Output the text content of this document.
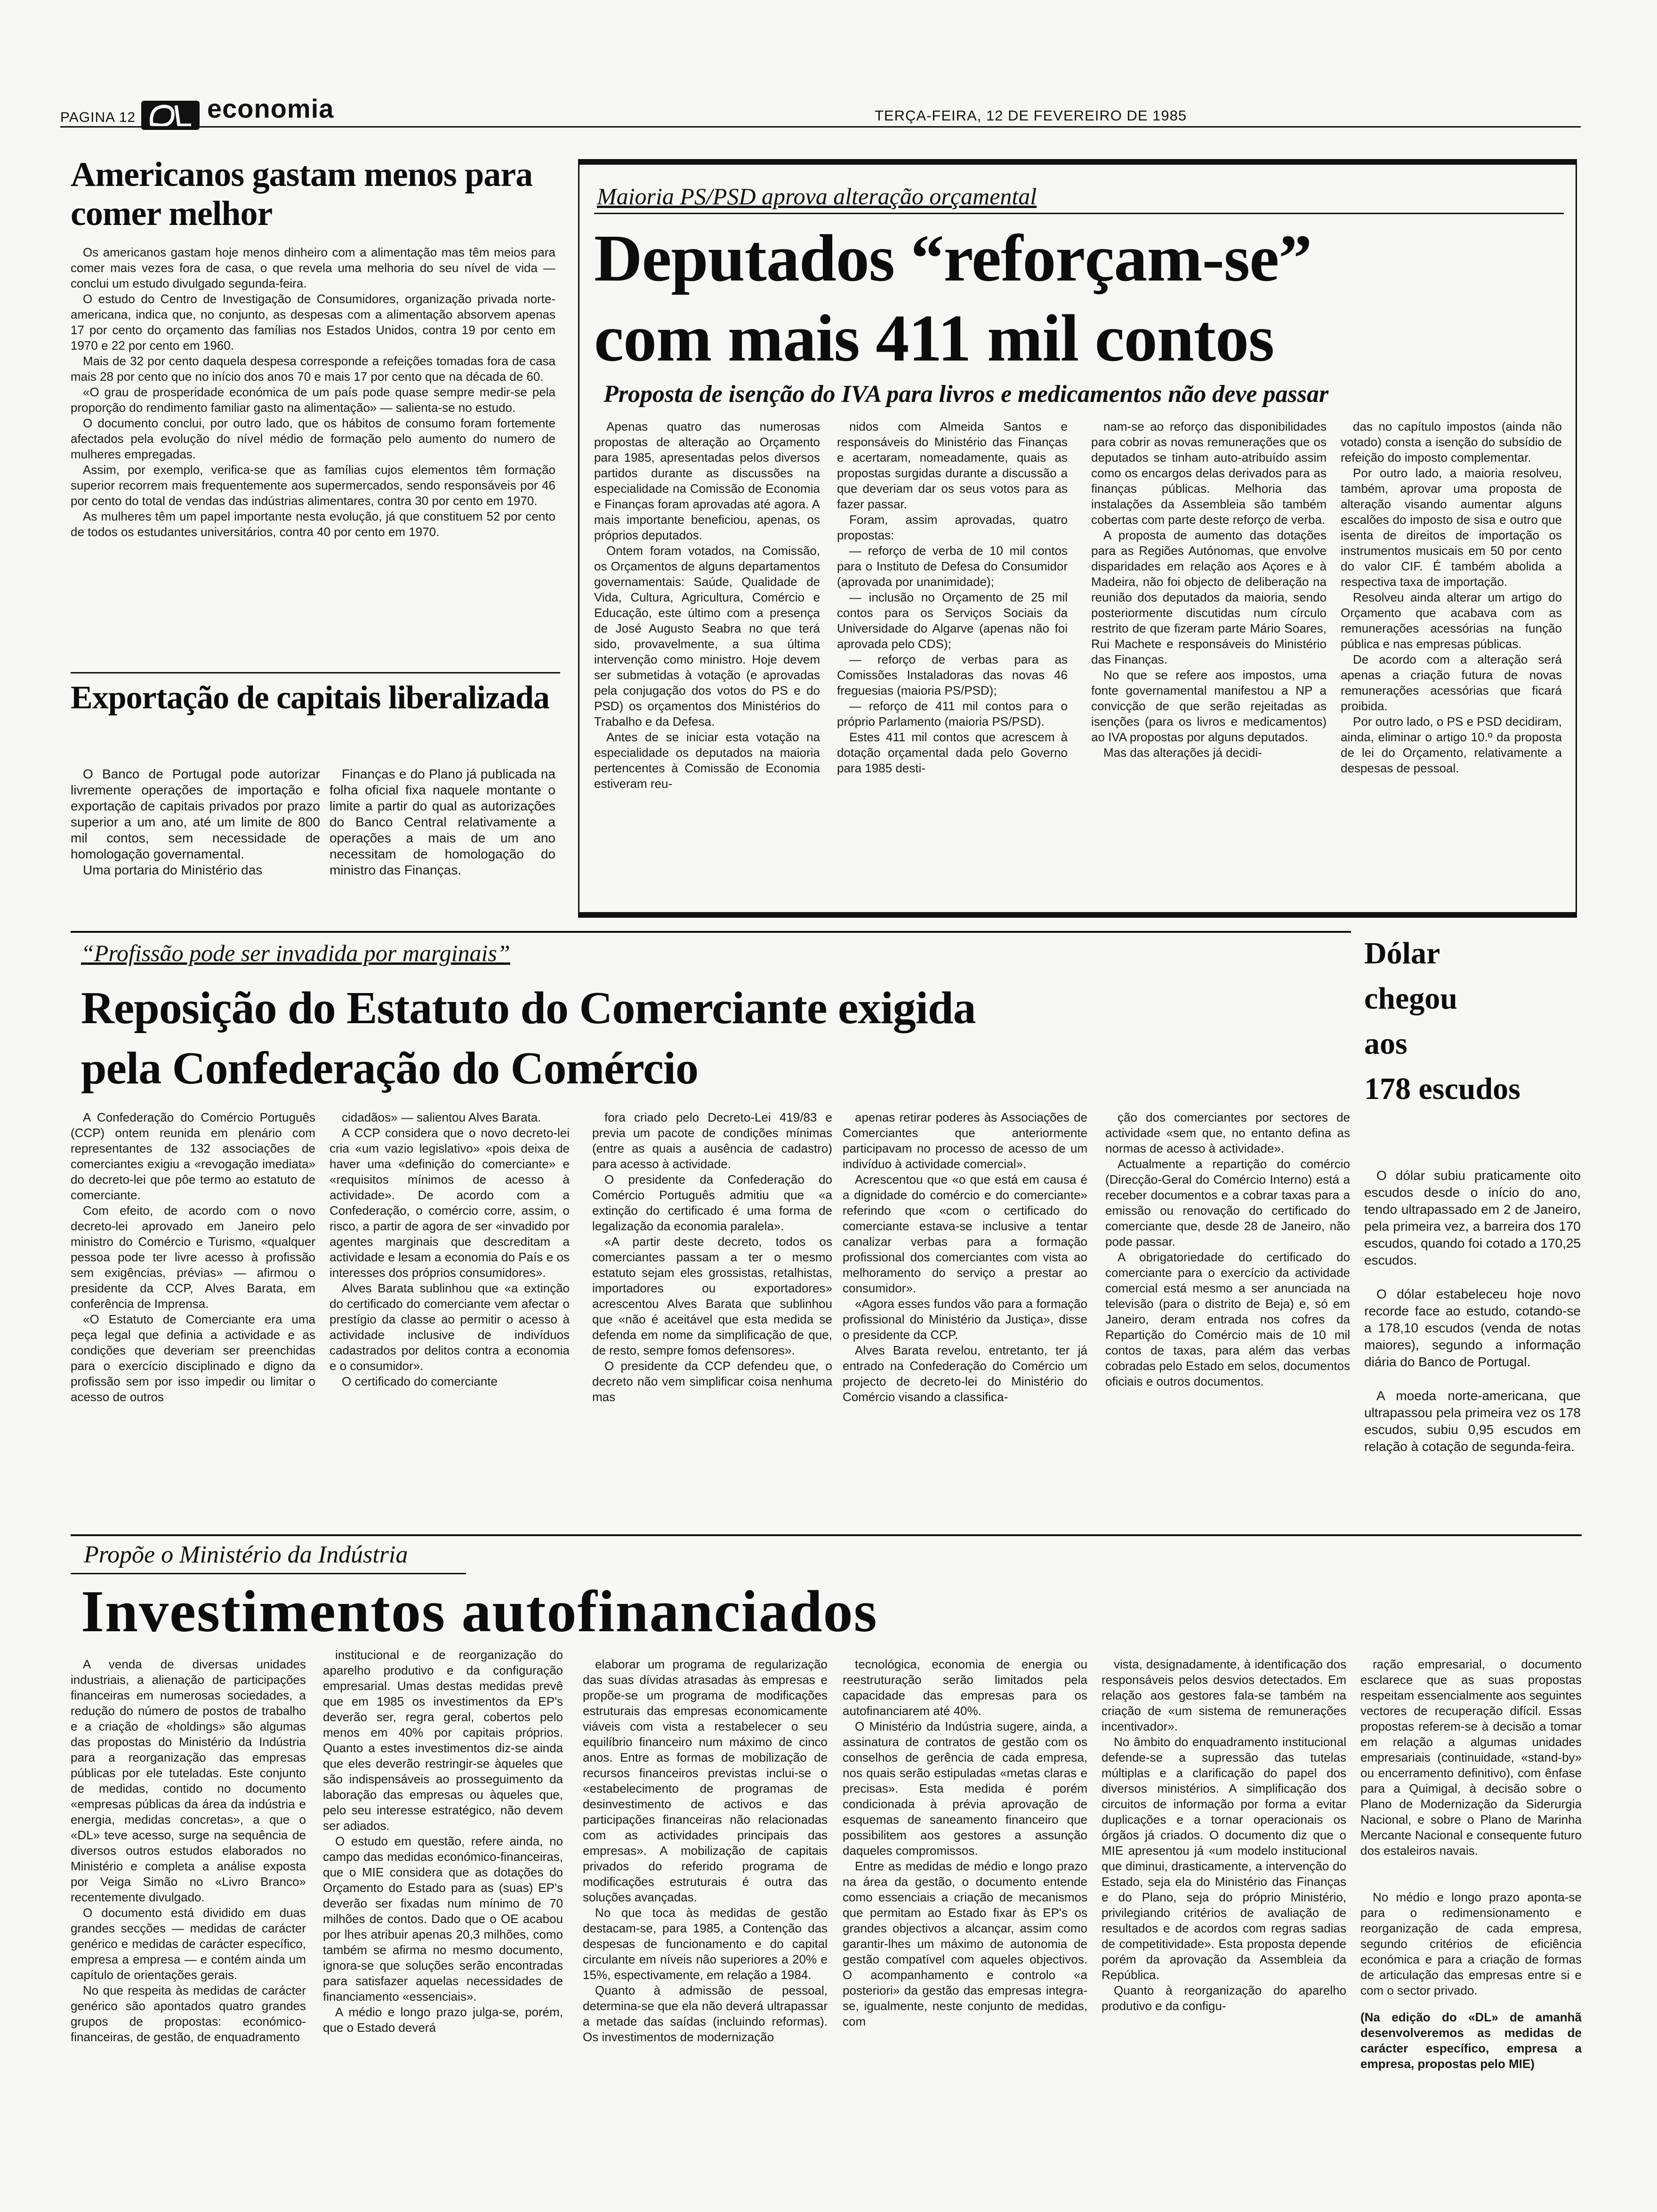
PAGINA 12	economia	TERÇA-FEIRA, 12 DE FEVEREIRO DE 1985
Americanos gastam menos para comer melhor

Os americanos gastam hoje menos dinheiro com a alimentação mas têm meios para comer mais vezes fora de casa, o que revela uma melhoria do seu nível de vida — conclui um estudo divulgado segunda-feira.

O estudo do Centro de Investigação de Consumidores, organização privada norte-americana, indica que, no conjunto, as despesas com a alimentação absorvem apenas 17 por cento do orçamento das famílias nos Estados Unidos, contra 19 por cento em 1970 e 22 por cento em 1960.

Mais de 32 por cento daquela despesa corresponde a refeições tomadas fora de casa mais 28 por cento que no início dos anos 70 e mais 17 por cento que na década de 60.

«O grau de prosperidade económica de um país pode quase sempre medir-se pela proporção do rendimento familiar gasto na alimentação» — salienta-se no estudo.

O documento conclui, por outro lado, que os hábitos de consumo foram fortemente afectados pela evolução do nível médio de formação pelo aumento do numero de mulheres empregadas.

Assim, por exemplo, verifica-se que as famílias cujos elementos têm formação superior recorrem mais frequentemente aos supermercados, sendo responsáveis por 46 por cento do total de vendas das indústrias alimentares, contra 30 por cento em 1970.

As mulheres têm um papel importante nesta evolução, já que constituem 52 por cento de todos os estudantes universitários, contra 40 por cento em 1970.

Exportação de capitais liberalizada

O Banco de Portugal pode autorizar livremente operações de importação e exportação de capitais privados por prazo superior a um ano, até um limite de 800 mil contos, sem necessidade de homologação governamental.

Uma portaria do Ministério das

Finanças e do Plano já publicada na folha oficial fixa naquele montante o limite a partir do qual as autorizações do Banco Central relativamente a operações a mais de um ano necessitam de homologação do ministro das Finanças.

Maioria PS/PSD aprova alteração orçamental
Deputados “reforçam-se”
com mais 411 mil contos
Proposta de isenção do IVA para livros e medicamentos não deve passar

Apenas quatro das numerosas propostas de alteração ao Orçamento para 1985, apresentadas pelos diversos partidos durante as discussões na especialidade na Comissão de Economia e Finanças foram aprovadas até agora. A mais importante beneficiou, apenas, os próprios deputados.

Ontem foram votados, na Comissão, os Orçamentos de alguns departamentos governamentais: Saúde, Qualidade de Vida, Cultura, Agricultura, Comércio e Educação, este último com a presença de José Augusto Seabra no que terá sido, provavelmente, a sua última intervenção como ministro. Hoje devem ser submetidas à votação (e aprovadas pela conjugação dos votos do PS e do PSD) os orçamentos dos Ministérios do Trabalho e da Defesa.

Antes de se iniciar esta votação na especialidade os deputados na maioria pertencentes à Comissão de Economia estiveram reu-

nidos com Almeida Santos e responsáveis do Ministério das Finanças e acertaram, nomeadamente, quais as propostas surgidas durante a discussão a que deveriam dar os seus votos para as fazer passar.

Foram, assim aprovadas, quatro propostas:

— reforço de verba de 10 mil contos para o Instituto de Defesa do Consumidor (aprovada por unanimidade);

— inclusão no Orçamento de 25 mil contos para os Serviços Sociais da Universidade do Algarve (apenas não foi aprovada pelo CDS);

— reforço de verbas para as Comissões Instaladoras das novas 46 freguesias (maioria PS/PSD);

— reforço de 411 mil contos para o próprio Parlamento (maioria PS/PSD).

Estes 411 mil contos que acrescem à dotação orçamental dada pelo Governo para 1985 desti-

nam-se ao reforço das disponibilidades para cobrir as novas remunerações que os deputados se tinham auto-atribuído assim como os encargos delas derivados para as finanças públicas. Melhoria das instalações da Assembleia são também cobertas com parte deste reforço de verba.

A proposta de aumento das dotações para as Regiões Autónomas, que envolve disparidades em relação aos Açores e à Madeira, não foi objecto de deliberação na reunião dos deputados da maioria, sendo posteriormente discutidas num círculo restrito de que fizeram parte Mário Soares, Rui Machete e responsáveis do Ministério das Finanças.

No que se refere aos impostos, uma fonte governamental manifestou a NP a convicção de que serão rejeitadas as isenções (para os livros e medicamentos) ao IVA propostas por alguns deputados.

Mas das alterações já decidi-

das no capítulo impostos (ainda não votado) consta a isenção do subsídio de refeição do imposto complementar.

Por outro lado, a maioria resolveu, também, aprovar uma proposta de alteração visando aumentar alguns escalões do imposto de sisa e outro que isenta de direitos de importação os instrumentos musicais em 50 por cento do valor CIF. É também abolida a respectiva taxa de importação.

Resolveu ainda alterar um artigo do Orçamento que acabava com as remunerações acessórias na função pública e nas empresas públicas.

De acordo com a alteração será apenas a criação futura de novas remunerações acessórias que ficará proibida.

Por outro lado, o PS e PSD decidiram, ainda, eliminar o artigo 10.º da proposta de lei do Orçamento, relativamente a despesas de pessoal.

“Profissão pode ser invadida por marginais”
Reposição do Estatuto do Comerciante exigida
pela Confederação do Comércio

A Confederação do Comércio Português (CCP) ontem reunida em plenário com representantes de 132 associações de comerciantes exigiu a «revogação imediata» do decreto-lei que pôe termo ao estatuto de comerciante.

Com efeito, de acordo com o novo decreto-lei aprovado em Janeiro pelo ministro do Comércio e Turismo, «qualquer pessoa pode ter livre acesso à profissão sem exigências, prévias» — afirmou o presidente da CCP, Alves Barata, em conferência de Imprensa.

«O Estatuto de Comerciante era uma peça legal que definia a actividade e as condições que deveriam ser preenchidas para o exercício disciplinado e digno da profissão sem por isso impedir ou limitar o acesso de outros

cidadãos» — salientou Alves Barata.

A CCP considera que o novo decreto-lei cria «um vazio legislativo» «pois deixa de haver uma «definição do comerciante» e «requisitos mínimos de acesso à actividade». De acordo com a Confederação, o comércio corre, assim, o risco, a partir de agora de ser «invadido por agentes marginais que descreditam a actividade e lesam a economia do País e os interesses dos próprios consumidores».

Alves Barata sublinhou que «a extinção do certificado do comerciante vem afectar o prestígio da classe ao permitir o acesso à actividade inclusive de indivíduos cadastrados por delitos contra a economia e o consumidor».

O certificado do comerciante

fora criado pelo Decreto-Lei 419/83 e previa um pacote de condições mínimas (entre as quais a ausência de cadastro) para acesso à actividade.

O presidente da Confederação do Comércio Português admitiu que «a extinção do certificado é uma forma de legalização da economia paralela».

«A partir deste decreto, todos os comerciantes passam a ter o mesmo estatuto sejam eles grossistas, retalhistas, importadores ou exportadores» acrescentou Alves Barata que sublinhou que «não é aceitável que esta medida se defenda em nome da simplificação de que, de resto, sempre fomos defensores».

O presidente da CCP defendeu que, o decreto não vem simplificar coisa nenhuma mas

apenas retirar poderes às Associações de Comerciantes que anteriormente participavam no processo de acesso de um indivíduo à actividade comercial».

Acrescentou que «o que está em causa é a dignidade do comércio e do comerciante» referindo que «com o certificado do comerciante estava-se inclusive a tentar canalizar verbas para a formação profissional dos comerciantes com vista ao melhoramento do serviço a prestar ao consumidor».

«Agora esses fundos vão para a formação profissional do Ministério da Justiça», disse o presidente da CCP.

Alves Barata revelou, entretanto, ter já entrado na Confederação do Comércio um projecto de decreto-lei do Ministério do Comércio visando a classifica-

ção dos comerciantes por sectores de actividade «sem que, no entanto defina as normas de acesso à actividade».

Actualmente a repartição do comércio (Direcção-Geral do Comércio Interno) está a receber documentos e a cobrar taxas para a emissão ou renovação do certificado do comerciante que, desde 28 de Janeiro, não pode passar.

A obrigatoriedade do certificado do comerciante para o exercício da actividade comercial está mesmo a ser anunciada na televisão (para o distrito de Beja) e, só em Janeiro, deram entrada nos cofres da Repartição do Comércio mais de 10 mil contos de taxas, para além das verbas cobradas pelo Estado em selos, documentos oficiais e outros documentos.

Dólar
chegou
aos
178 escudos

O dólar subiu praticamente oito escudos desde o início do ano, tendo ultrapassado em 2 de Janeiro, pela primeira vez, a barreira dos 170 escudos, quando foi cotado a 170,25 escudos.

O dólar estabeleceu hoje novo recorde face ao estudo, cotando-se a 178,10 escudos (venda de notas maiores), segundo a informação diária do Banco de Portugal.

A moeda norte-americana, que ultrapassou pela primeira vez os 178 escudos, subiu 0,95 escudos em relação à cotação de segunda-feira.

Propõe o Ministério da Indústria
Investimentos autofinanciados

A venda de diversas unidades industriais, a alienação de participações financeiras em numerosas sociedades, a redução do número de postos de trabalho e a criação de «holdings» são algumas das propostas do Ministério da Indústria para a reorganização das empresas públicas por ele tuteladas. Este conjunto de medidas, contido no documento «empresas públicas da área da indústria e energia, medidas concretas», a que o «DL» teve acesso, surge na sequência de diversos outros estudos elaborados no Ministério e completa a análise exposta por Veiga Simão no «Livro Branco» recentemente divulgado.

O documento está dividido em duas grandes secções — medidas de carácter genérico e medidas de carácter específico, empresa a empresa — e contém ainda um capítulo de orientações gerais.

No que respeita às medidas de carácter genérico são apontados quatro grandes grupos de propostas: económico-financeiras, de gestão, de enquadramento

institucional e de reorganização do aparelho produtivo e da configuração empresarial. Umas destas medidas prevê que em 1985 os investimentos da EP's deverão ser, regra geral, cobertos pelo menos em 40% por capitais próprios. Quanto a estes investimentos diz-se ainda que eles deverão restringir-se àqueles que são indispensáveis ao prosseguimento da laboração das empresas ou àqueles que, pelo seu interesse estratégico, não devem ser adiados.

O estudo em questão, refere ainda, no campo das medidas económico-financeiras, que o MIE considera que as dotações do Orçamento do Estado para as (suas) EP's deverão ser fixadas num mínimo de 70 milhões de contos. Dado que o OE acabou por lhes atribuir apenas 20,3 milhões, como também se afirma no mesmo documento, ignora-se que soluções serão encontradas para satisfazer aquelas necessidades de financiamento «essenciais».

A médio e longo prazo julga-se, porém, que o Estado deverá

elaborar um programa de regularização das suas dívidas atrasadas às empresas e propõe-se um programa de modificações estruturais das empresas economicamente viáveis com vista a restabelecer o seu equilíbrio financeiro num máximo de cinco anos. Entre as formas de mobilização de recursos financeiros previstas inclui-se o «estabelecimento de programas de desinvestimento de activos e das participações financeiras não relacionadas com as actividades principais das empresas». A mobilização de capitais privados do referido programa de modificações estruturais é outra das soluções avançadas.

No que toca às medidas de gestão destacam-se, para 1985, a Contenção das despesas de funcionamento e do capital circulante em níveis não superiores a 20% e 15%, espectivamente, em relação a 1984.

Quanto à admissão de pessoal, determina-se que ela não deverá ultrapassar a metade das saídas (incluindo reformas). Os investimentos de modernização

tecnológica, economia de energia ou reestruturação serão limitados pela capacidade das empresas para os autofinanciarem até 40%.

O Ministério da Indústria sugere, ainda, a assinatura de contratos de gestão com os conselhos de gerência de cada empresa, nos quais serão estipuladas «metas claras e precisas». Esta medida é porém condicionada à prévia aprovação de esquemas de saneamento financeiro que possibilitem aos gestores a assunção daqueles compromissos.

Entre as medidas de médio e longo prazo na área da gestão, o documento entende como essenciais a criação de mecanismos que permitam ao Estado fixar às EP's os grandes objectivos a alcançar, assim como garantir-lhes um máximo de autonomia de gestão compatível com aqueles objectivos. O acompanhamento e controlo «a posteriori» da gestão das empresas integra-se, igualmente, neste conjunto de medidas, com

vista, designadamente, à identificação dos responsáveis pelos desvios detectados. Em relação aos gestores fala-se também na criação de «um sistema de remunerações incentivador».

No âmbito do enquadramento institucional defende-se a supressão das tutelas múltiplas e a clarificação do papel dos diversos ministérios. A simplificação dos circuitos de informação por forma a evitar duplicações e a tornar operacionais os órgãos já criados. O documento diz que o MIE apresentou já «um modelo institucional que diminui, drasticamente, a intervenção do Estado, seja ela do Ministério das Finanças e do Plano, seja do próprio Ministério, privilegiando critérios de avaliação de resultados e de acordos com regras sadias de competitividade». Esta proposta depende porém da aprovação da Assembleia da República.

Quanto à reorganização do aparelho produtivo e da configu-

ração empresarial, o documento esclarece que as suas propostas respeitam essencialmente aos seguintes vectores de recuperação difícil. Essas propostas referem-se à decisão a tomar em relação a algumas unidades empresariais (continuidade, «stand-by» ou encerramento definitivo), com ênfase para a Quimigal, à decisão sobre o Plano de Modernização da Siderurgia Nacional, e sobre o Plano de Marinha Mercante Nacional e consequente futuro dos estaleiros navais.

No médio e longo prazo aponta-se para o redimensionamento e reorganização de cada empresa, segundo critérios de eficiência económica e para a criação de formas de articulação das empresas entre si e com o sector privado.

(Na edição do «DL» de amanhã desenvolveremos as medidas de carácter específico, empresa a empresa, propostas pelo MIE)
